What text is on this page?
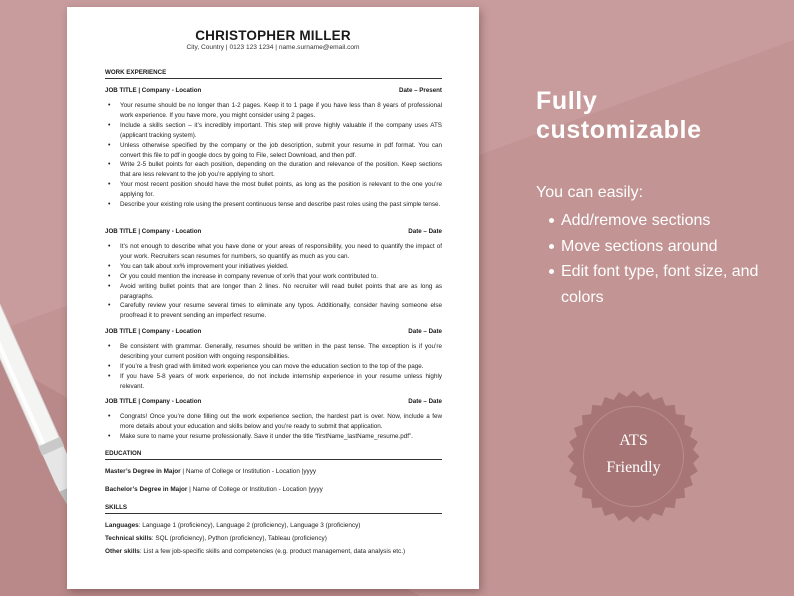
CHRISTOPHER MILLER
City, Country | 0123 123 1234 | name.surname@email.com
WORK EXPERIENCE
JOB TITLE | Company - Location	Date – Present
• Your resume should be no longer than 1-2 pages. Keep it to 1 page if you have less than 8 years of professional work experience. If you have more, you might consider using 2 pages.
• Include a skills section – it’s incredibly important. This step will prove highly valuable if the company uses ATS (applicant tracking system).
• Unless otherwise specified by the company or the job description, submit your resume in pdf format. You can convert this file to pdf in google docs by going to File, select Download, and then pdf.
• Write 2-5 bullet points for each position, depending on the duration and relevance of the position. Keep sections that are less relevant to the job you’re applying to short.
• Your most recent position should have the most bullet points, as long as the position is relevant to the one you’re applying for.
• Describe your existing role using the present continuous tense and describe past roles using the past simple tense.
JOB TITLE | Company - Location	Date – Date
• It’s not enough to describe what you have done or your areas of responsibility, you need to quantify the impact of your work. Recruiters scan resumes for numbers, so quantify as much as you can.
• You can talk about xx% improvement your initiatives yielded.
• Or you could mention the increase in company revenue of xx% that your work contributed to.
• Avoid writing bullet points that are longer than 2 lines. No recruiter will read bullet points that are as long as paragraphs.
• Carefully review your resume several times to eliminate any typos. Additionally, consider having someone else proofread it to prevent sending an imperfect resume.
JOB TITLE | Company - Location	Date – Date
• Be consistent with grammar. Generally, resumes should be written in the past tense. The exception is if you’re describing your current position with ongoing responsibilities.
• If you’re a fresh grad with limited work experience you can move the education section to the top of the page.
• If you have 5-8 years of work experience, do not include internship experience in your resume unless highly relevant.
JOB TITLE | Company - Location	Date – Date
• Congrats! Once you’re done filling out the work experience section, the hardest part is over. Now, include a few more details about your education and skills below and you’re ready to submit that application.
• Make sure to name your resume professionally. Save it under the title “firstName_lastName_resume.pdf”.
EDUCATION
Master’s Degree in Major | Name of College or Institution - Location |yyyy
Bachelor’s Degree in Major | Name of College or Institution - Location |yyyy
SKILLS
Languages: Language 1 (proficiency), Language 2 (proficiency), Language 3 (proficiency)
Technical skills: SQL (proficiency), Python (proficiency), Tableau (proficiency)
Other skills: List a few job-specific skills and competencies (e.g. product management, data analysis etc.)
Fully
customizable
You can easily:
Add/remove sections
Move sections around
Edit font type, font size, and colors
ATS
Friendly
